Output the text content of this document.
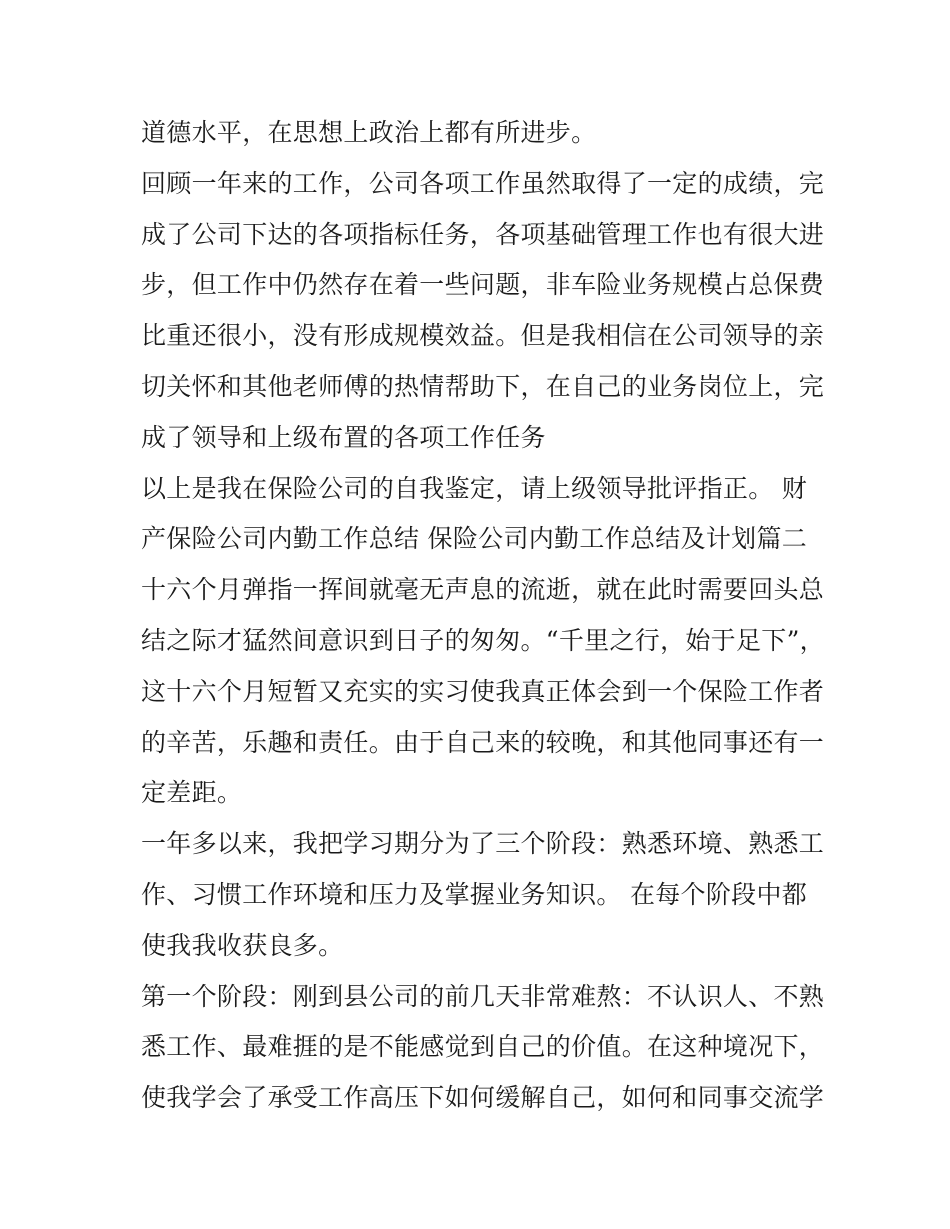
道德水平，在思想上政治上都有所进步。
回顾一年来的工作，公司各项工作虽然取得了一定的成绩，完
成了公司下达的各项指标任务，各项基础管理工作也有很大进
步，但工作中仍然存在着一些问题，非车险业务规模占总保费
比重还很小，没有形成规模效益。但是我相信在公司领导的亲
切关怀和其他老师傅的热情帮助下，在自己的业务岗位上，完
成了领导和上级布置的各项工作任务
以上是我在保险公司的自我鉴定，请上级领导批评指正。 财
产保险公司内勤工作总结 保险公司内勤工作总结及计划篇二
十六个月弹指一挥间就毫无声息的流逝，就在此时需要回头总
结之际才猛然间意识到日子的匆匆。“千里之行，始于足下”，
这十六个月短暂又充实的实习使我真正体会到一个保险工作者
的辛苦，乐趣和责任。由于自己来的较晚，和其他同事还有一
定差距。
一年多以来，我把学习期分为了三个阶段：熟悉环境、熟悉工
作、习惯工作环境和压力及掌握业务知识。 在每个阶段中都
使我我收获良多。
第一个阶段：刚到县公司的前几天非常难熬：不认识人、不熟
悉工作、最难捱的是不能感觉到自己的价值。在这种境况下，
使我学会了承受工作高压下如何缓解自己，如何和同事交流学
